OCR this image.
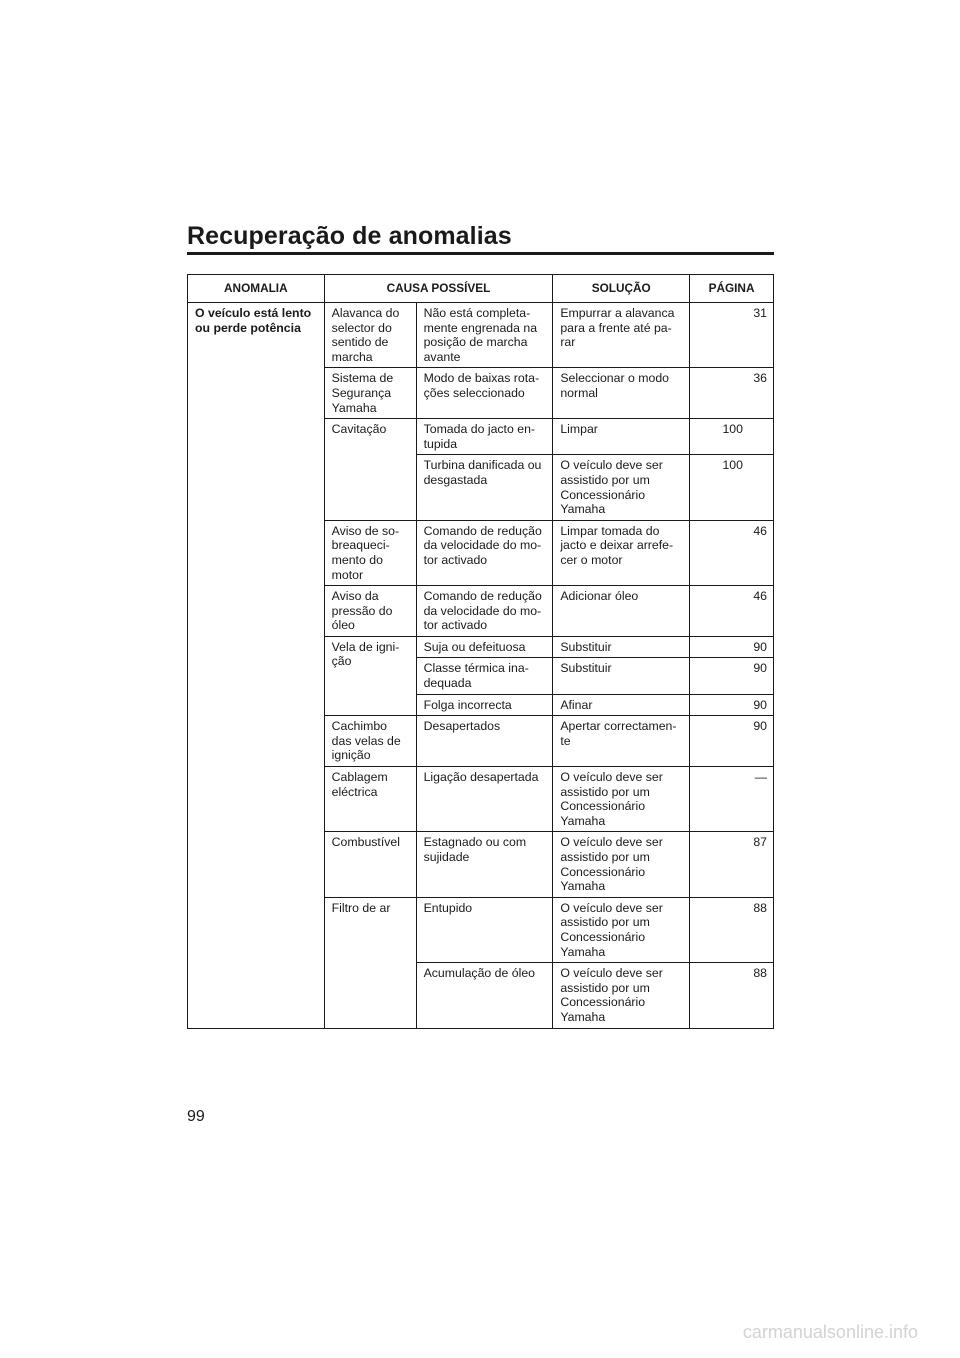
Recuperação de anomalias
ANOMALIA	CAUSA POSSÍVEL		SOLUÇÃO	PÁGINA
O veículo está lento
ou perde potência	Alavanca do
selector do
sentido de
marcha	Não está completa-
mente engrenada na
posição de marcha
avante	Empurrar a alavanca
para a frente até pa-
rar	31
	Sistema de
Segurança
Yamaha	Modo de baixas rota-
ções seleccionado	Seleccionar o modo
normal	36
	Cavitação	Tomada do jacto en-
tupida	Limpar	100
		Turbina danificada ou
desgastada	O veículo deve ser
assistido por um
Concessionário
Yamaha	100
	Aviso de so-
breaqueci-
mento do
motor	Comando de redução
da velocidade do mo-
tor activado	Limpar tomada do
jacto e deixar arrefe-
cer o motor	46
	Aviso da
pressão do
óleo	Comando de redução
da velocidade do mo-
tor activado	Adicionar óleo	46
	Vela de igni-
ção	Suja ou defeituosa	Substituir	90
		Classe térmica ina-
dequada	Substituir	90
		Folga incorrecta	Afinar	90
	Cachimbo
das velas de
ignição	Desapertados	Apertar correctamen-
te	90
	Cablagem
eléctrica	Ligação desapertada	O veículo deve ser
assistido por um
Concessionário
Yamaha	—
	Combustível	Estagnado ou com
sujidade	O veículo deve ser
assistido por um
Concessionário
Yamaha	87
	Filtro de ar	Entupido	O veículo deve ser
assistido por um
Concessionário
Yamaha	88
		Acumulação de óleo	O veículo deve ser
assistido por um
Concessionário
Yamaha	88

99

carmanualsonline.info
